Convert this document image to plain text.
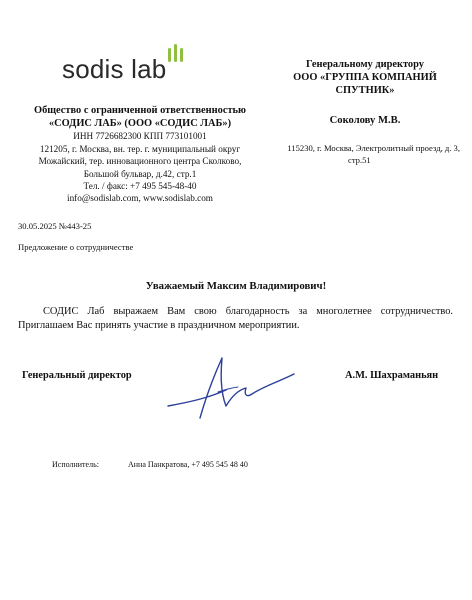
sodis lab
Общество с ограниченной ответственностью
«СОДИС ЛАБ» (ООО «СОДИС ЛАБ»)
ИНН 7726682300 КПП 773101001
121205, г. Москва, вн. тер. г. муниципальный округ
Можайский, тер. инновационного центра Сколково,
Большой бульвар, д.42, стр.1
Тел. / факс: +7 495 545-48-40
info@sodislab.com, www.sodislab.com
Генеральному директору
ООО «ГРУППА КОМПАНИЙ
СПУТНИК»
Соколову М.В.
115230, г. Москва, Электролитный проезд, д. 3,
стр.51
30.05.2025 №443-25
Предложение о сотрудничестве
Уважаемый Максим Владимирович!
СОДИС Лаб выражаем Вам свою благодарность за многолетнее сотрудничество. Приглашаем Вас принять участие в праздничном мероприятии.
Генеральный директор	А.М. Шахраманьян
Исполнитель:	Анна Панкратова, +7 495 545 48 40
